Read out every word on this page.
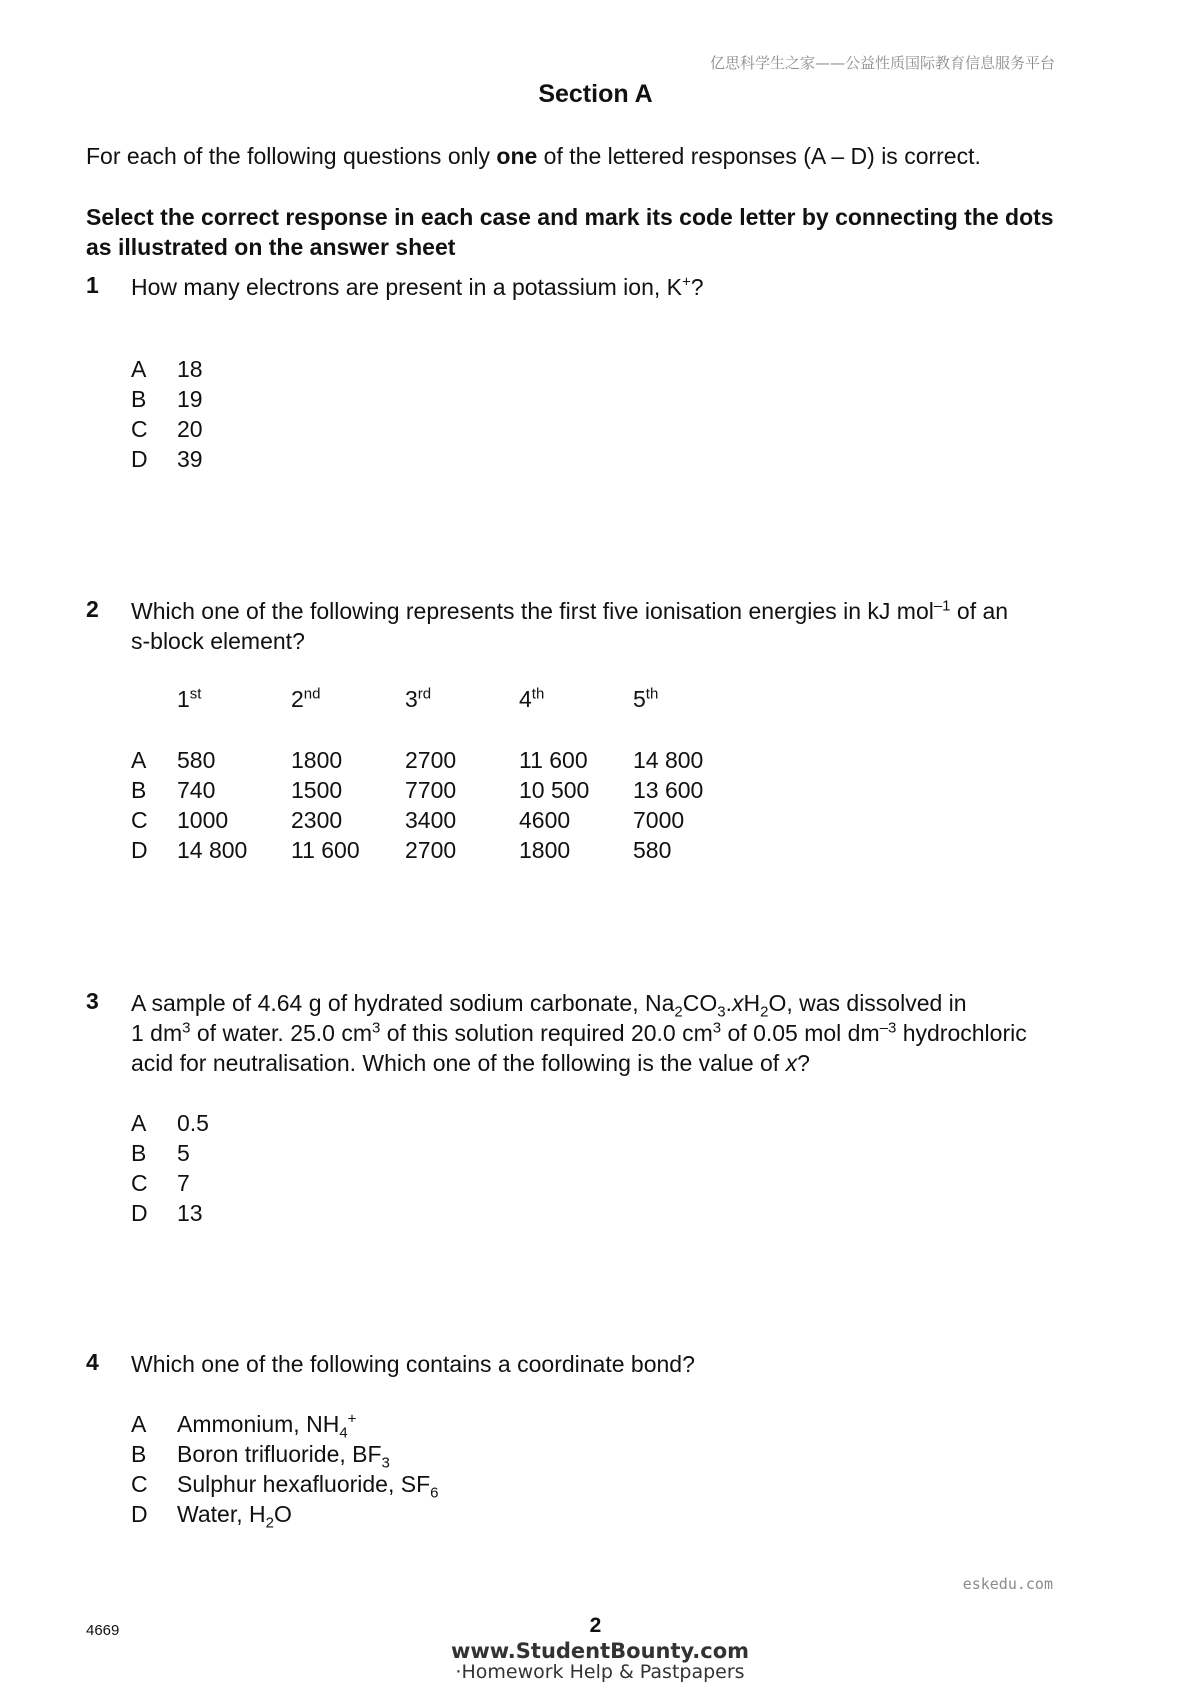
亿思科学生之家——公益性质国际教育信息服务平台
Section A
For each of the following questions only one of the lettered responses (A – D) is correct.
Select the correct response in each case and mark its code letter by connecting the dots
as illustrated on the answer sheet
1 How many electrons are present in a potassium ion, K+?
A	18
B	19
C	20
D	39
2 Which one of the following represents the first five ionisation energies in kJ mol$^{-1}$ of an
s-block element?
1st	2nd	3rd	4th	5th
A	580	1800	2700	11 600	14 800
B	740	1500	7700	10 500	13 600
C	1000	2300	3400	4600	7000
D	14 800	11 600	2700	1800	580
3 A sample of 4.64 g of hydrated sodium carbonate, $Na_2CO_3.xH_2O$, was dissolved in
1 $dm^3$ of water. 25.0 $cm^3$ of this solution required 20.0 $cm^3$ of 0.05 mol $dm^{-3}$ hydrochloric
acid for neutralisation. Which one of the following is the value of x?
A	0.5
B	5
C	7
D	13
4 Which one of the following contains a coordinate bond?
A	Ammonium, $NH_4^+$
B	Boron trifluoride, $BF_3$
C	Sulphur hexafluoride, $SF_6$
D	Water, $H_2O$
eskedu.com
4669	2
www.StudentBounty.com
·Homework Help & Pastpapers
